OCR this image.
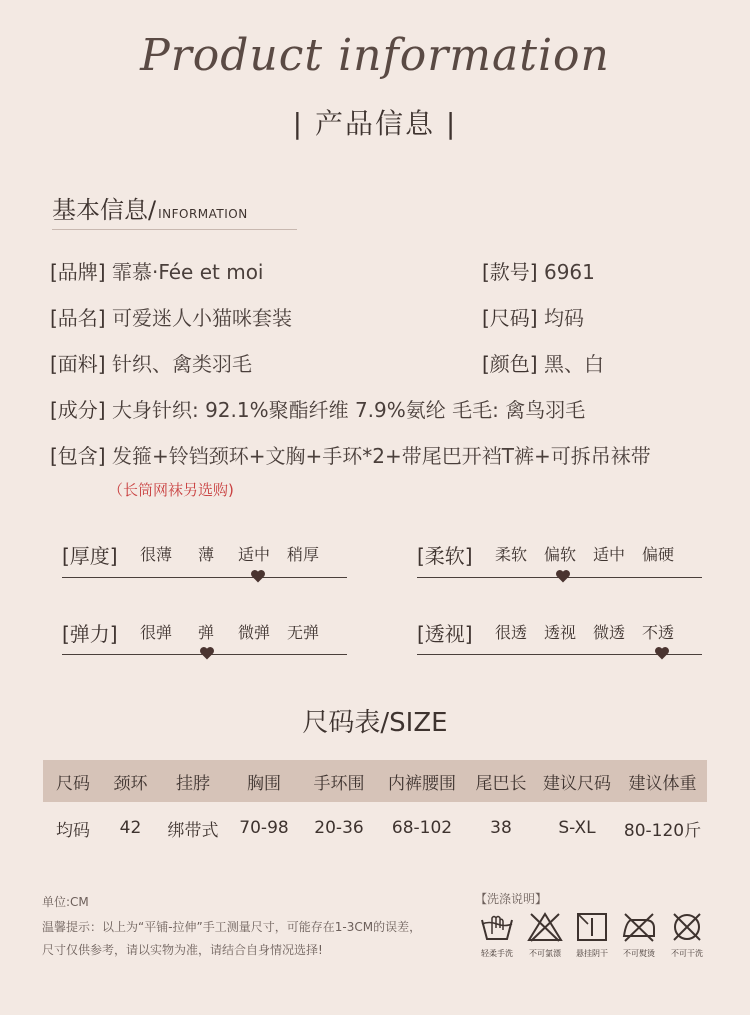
Product information
| 产品信息 |
基本信息/ INFORMATION
[品牌] 霏慕·Fée et moi	[款号] 6961
[品名] 可爱迷人小猫咪套装	[尺码] 均码
[面料] 针织、禽类羽毛	[颜色] 黑、白
[成分] 大身针织: 92.1%聚酯纤维 7.9%氨纶 毛毛: 禽鸟羽毛
[包含] 发箍+铃铛颈环+文胸+手环*2+带尾巴开裆T裤+可拆吊袜带
（长筒网袜另选购)
[厚度] 很薄 薄 适中 稍厚	[柔软] 柔软 偏软 适中 偏硬
[弹力] 很弹 弹 微弹 无弹	[透视] 很透 透视 微透 不透
尺码表/SIZE
尺码	颈环	挂脖	胸围	手环围	内裤腰围	尾巴长	建议尺码	建议体重
均码	42	绑带式	70-98	20-36	68-102	38	S-XL	80-120斤
单位:CM
温馨提示：以上为“平铺-拉伸”手工测量尺寸，可能存在1-3CM的误差，
尺寸仅供参考，请以实物为准，请结合自身情况选择!
【洗涤说明】
轻柔手洗	不可氯漂	悬挂阴干	不可熨烫	不可干洗
